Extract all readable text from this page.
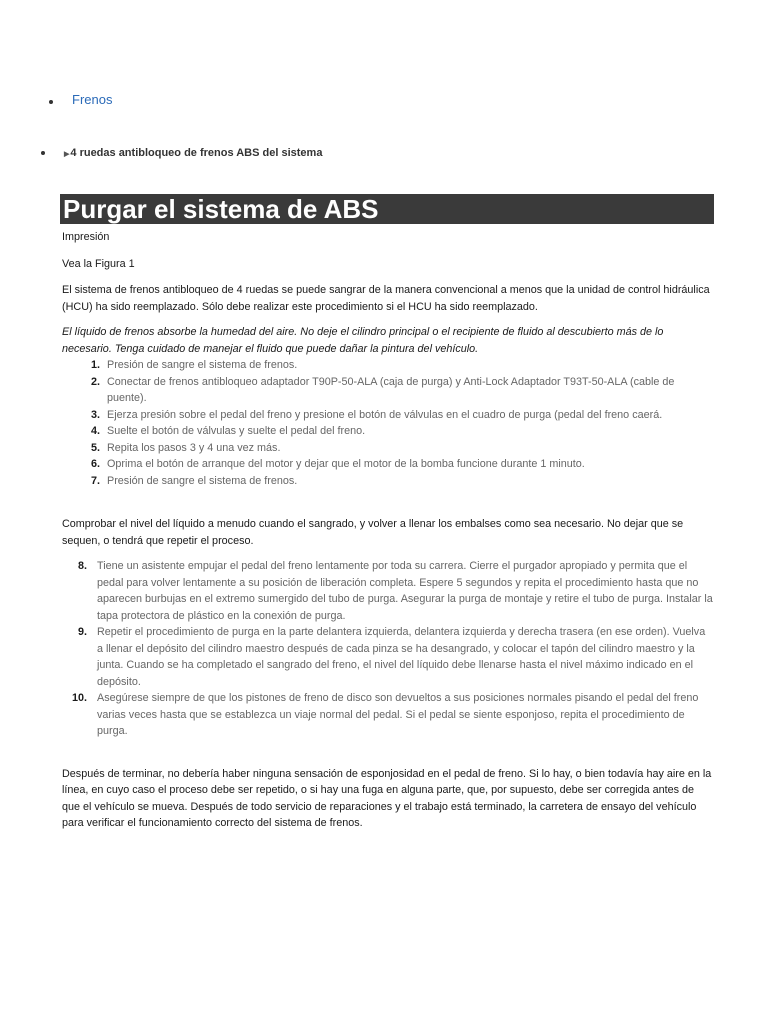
Frenos
▶4 ruedas antibloqueo de frenos ABS del sistema
Purgar el sistema de ABS

Impresión

Vea la Figura 1

El sistema de frenos antibloqueo de 4 ruedas se puede sangrar de la manera convencional a menos que la unidad de control hidráulica (HCU) ha sido reemplazado. Sólo debe realizar este procedimiento si el HCU ha sido reemplazado.

El líquido de frenos absorbe la humedad del aire. No deje el cilindro principal o el recipiente de fluido al descubierto más de lo necesario. Tenga cuidado de manejar el fluido que puede dañar la pintura del vehículo.

1. Presión de sangre el sistema de frenos.
2. Conectar de frenos antibloqueo adaptador T90P-50-ALA (caja de purga) y Anti-Lock Adaptador T93T-50-ALA (cable de puente).
3. Ejerza presión sobre el pedal del freno y presione el botón de válvulas en el cuadro de purga (pedal del freno caerá.
4. Suelte el botón de válvulas y suelte el pedal del freno.
5. Repita los pasos 3 y 4 una vez más.
6. Oprima el botón de arranque del motor y dejar que el motor de la bomba funcione durante 1 minuto.
7. Presión de sangre el sistema de frenos.

Comprobar el nivel del líquido a menudo cuando el sangrado, y volver a llenar los embalses como sea necesario. No dejar que se sequen, o tendrá que repetir el proceso.

8. Tiene un asistente empujar el pedal del freno lentamente por toda su carrera. Cierre el purgador apropiado y permita que el pedal para volver lentamente a su posición de liberación completa. Espere 5 segundos y repita el procedimiento hasta que no aparecen burbujas en el extremo sumergido del tubo de purga. Asegurar la purga de montaje y retire el tubo de purga. Instalar la tapa protectora de plástico en la conexión de purga.
9. Repetir el procedimiento de purga en la parte delantera izquierda, delantera izquierda y derecha trasera (en ese orden). Vuelva a llenar el depósito del cilindro maestro después de cada pinza se ha desangrado, y colocar el tapón del cilindro maestro y la junta. Cuando se ha completado el sangrado del freno, el nivel del líquido debe llenarse hasta el nivel máximo indicado en el depósito.
10. Asegúrese siempre de que los pistones de freno de disco son devueltos a sus posiciones normales pisando el pedal del freno varias veces hasta que se establezca un viaje normal del pedal. Si el pedal se siente esponjoso, repita el procedimiento de purga.

Después de terminar, no debería haber ninguna sensación de esponjosidad en el pedal de freno. Si lo hay, o bien todavía hay aire en la línea, en cuyo caso el proceso debe ser repetido, o si hay una fuga en alguna parte, que, por supuesto, debe ser corregida antes de que el vehículo se mueva. Después de todo servicio de reparaciones y el trabajo está terminado, la carretera de ensayo del vehículo para verificar el funcionamiento correcto del sistema de frenos.
